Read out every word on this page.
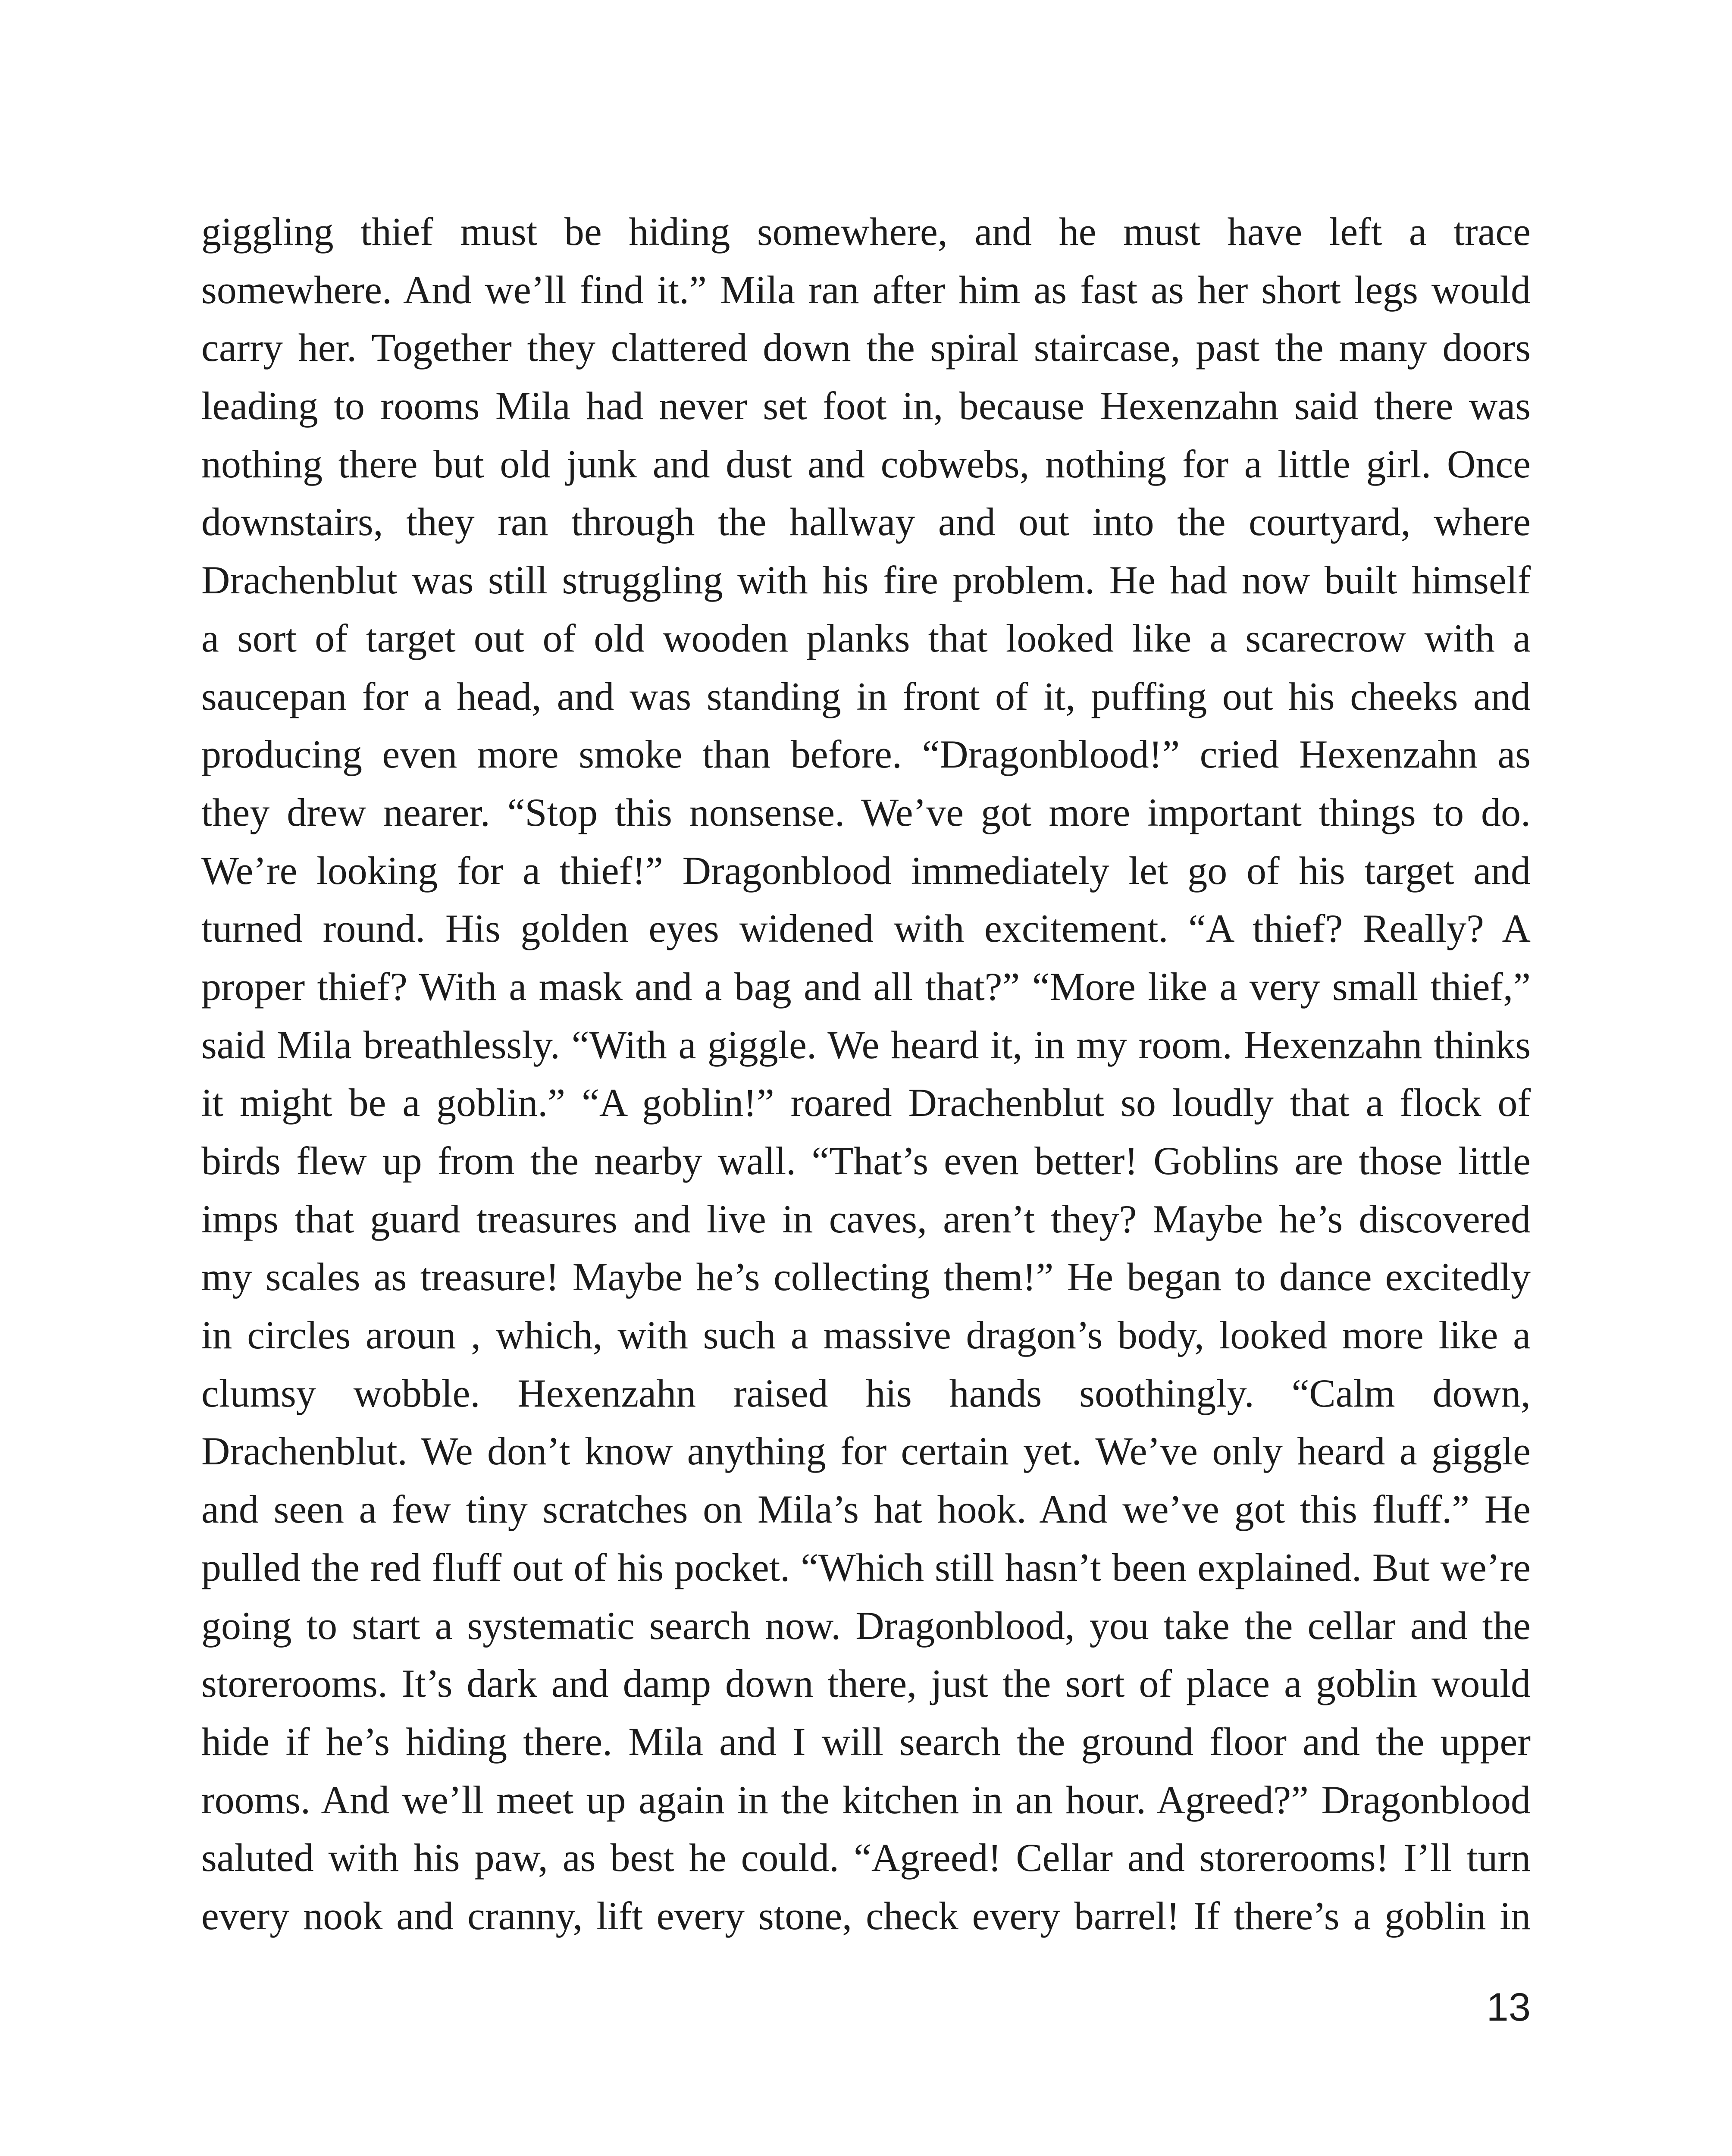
giggling thief must be hiding somewhere, and he must have left a trace
somewhere. And we’ll find it.” Mila ran after him as fast as her short legs would
carry her. Together they clattered down the spiral staircase, past the many doors
leading to rooms Mila had never set foot in, because Hexenzahn said there was
nothing there but old junk and dust and cobwebs, nothing for a little girl. Once
downstairs, they ran through the hallway and out into the courtyard, where
Drachenblut was still struggling with his fire problem. He had now built himself
a sort of target out of old wooden planks that looked like a scarecrow with a
saucepan for a head, and was standing in front of it, puffing out his cheeks and
producing even more smoke than before. “Dragonblood!” cried Hexenzahn as
they drew nearer. “Stop this nonsense. We’ve got more important things to do.
We’re looking for a thief!” Dragonblood immediately let go of his target and
turned round. His golden eyes widened with excitement. “A thief? Really? A
proper thief? With a mask and a bag and all that?” “More like a very small thief,”
said Mila breathlessly. “With a giggle. We heard it, in my room. Hexenzahn thinks
it might be a goblin.” “A goblin!” roared Drachenblut so loudly that a flock of
birds flew up from the nearby wall. “That’s even better! Goblins are those little
imps that guard treasures and live in caves, aren’t they? Maybe he’s discovered
my scales as treasure! Maybe he’s collecting them!” He began to dance excitedly
in circles aroun , which, with such a massive dragon’s body, looked more like a
clumsy wobble. Hexenzahn raised his hands soothingly. “Calm down,
Drachenblut. We don’t know anything for certain yet. We’ve only heard a giggle
and seen a few tiny scratches on Mila’s hat hook. And we’ve got this fluff.” He
pulled the red fluff out of his pocket. “Which still hasn’t been explained. But we’re
going to start a systematic search now. Dragonblood, you take the cellar and the
storerooms. It’s dark and damp down there, just the sort of place a goblin would
hide if he’s hiding there. Mila and I will search the ground floor and the upper
rooms. And we’ll meet up again in the kitchen in an hour. Agreed?” Dragonblood
saluted with his paw, as best he could. “Agreed! Cellar and storerooms! I’ll turn
every nook and cranny, lift every stone, check every barrel! If there’s a goblin in
13
